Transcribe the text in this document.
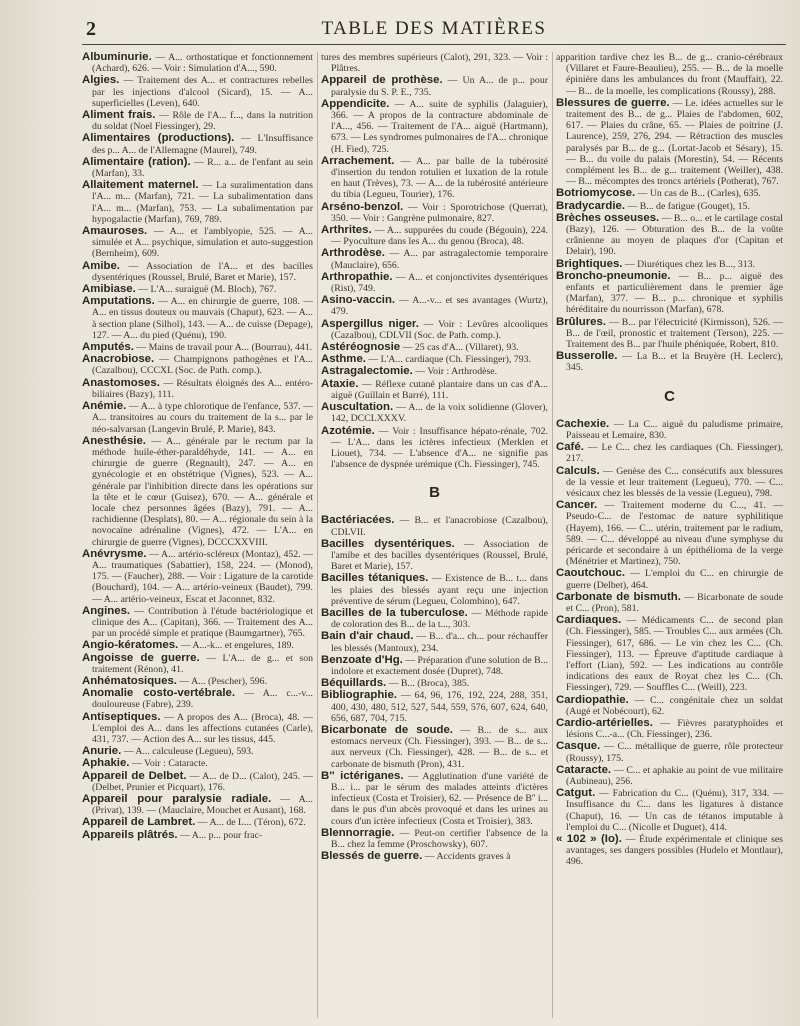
2	TABLE DES MATIÈRES

Albuminurie. — A... orthostatique et fonctionnement (Achard), 626. — Voir : Simulation d'A..., 590.

Algies. — Traitement des A... et contractures rebelles par les injections d'alcool (Sicard), 15. — A... superficielles (Leven), 640.

Aliment frais. — Rôle de l'A... f..., dans la nutrition du soldat (Noel Fiessinger), 29.

Alimentaires (productions). — L'Insuffisance des p... A... de l'Allemagne (Maurel), 749.

Alimentaire (ration). — R... a... de l'enfant au sein (Marfan), 33.

Allaitement maternel. — La suralimentation dans l'A... m... (Marfan), 721. — La subalimentation dans l'A... m... (Marfan), 753. — La subalimentation par hypogalactie (Marfan), 769, 789.

Amauroses. — A... et l'amblyopie, 525. — A... simulée et A... psychique, simulation et auto-suggestion (Bernheim), 609.

Amibe. — Association de l'A... et des bacilles dysentériques (Roussel, Brulé, Baret et Marie), 157.

Amibiase. — L'A... suraiguë (M. Bloch), 767.

Amputations. — A... en chirurgie de guerre, 108. — A... en tissus douteux ou mauvais (Chaput), 623. — A... à section plane (Silhol), 143. — A... de cuisse (Depage), 127. — A... du pied (Quénu), 190.

Amputés. — Mains de travail pour A... (Bourrau), 441.

Anacrobiose. — Champignons pathogènes et l'A... (Cazalbou), CCCXL (Soc. de Path. comp.).

Anastomoses. — Résultats éloignés des A... entéro-biliaires (Bazy), 111.

Anémie. — A... à type chlorotique de l'enfance, 537. — A... transitoires au cours du traitement de la s... par le néo-salvarsan (Langevin Brulé, P. Marie), 843.

Anesthésie. — A... générale par le rectum par la méthode huile-éther-paraldéhyde, 141. — A... en chirurgie de guerre (Regnault), 247. — A... en gynécologie et en obstétrique (Vignes), 523. — A... générale par l'inhibition directe dans les opérations sur la tête et le cœur (Guisez), 670. — A... générale et locale chez personnes âgées (Bazy), 791. — A... rachidienne (Desplats), 80. — A... régionale du sein à la novocaïne adrénaline (Vignes), 472. — L'A... en chirurgie de guerre (Vignes), DCCCXXVIII.

Anévrysme. — A... artério-scléreux (Montaz), 452. — A... traumatiques (Sabattier), 158, 224. — (Monod), 175. — (Faucher), 288. — Voir : Ligature de la carotide (Bouchard), 104. — A... artério-veineux (Baudet), 799. — A... artério-veineux, Escat et Jaconnet, 832.

Angines. — Contribution à l'étude bactériologique et clinique des A... (Capitan), 366. — Traitement des A... par un procédé simple et pratique (Baumgartner), 765.

Angio-kératomes. — A...-k... et engelures, 189.

Angoisse de guerre. — L'A... de g... et son traitement (Rénon), 41.

Anhématosiques. — A... (Pescher), 596.

Anomalie costo-vertébrale. — A... c...-v... douloureuse (Fabre), 239.

Antiseptiques. — A propos des A... (Broca), 48. — L'emploi des A... dans les affections cutanées (Carle), 431, 737. — Action des A... sur les tissus, 445.

Anurie. — A... calculeuse (Legueu), 593.

Aphakie. — Voir : Cataracte.

Appareil de Delbet. — A... de D... (Calot), 245. — (Delbet, Prunier et Picquart), 176.

Appareil pour paralysie radiale. — A... (Privat), 139. — (Mauclaire, Mouchet et Ausant), 168.

Appareil de Lambret. — A... de L... (Téron), 672.

Appareils plâtrés. — A... p... pour frac-

tures des membres supérieurs (Calot), 291, 323. — Voir : Plâtres.

Appareil de prothèse. — Un A... de p... pour paralysie du S. P. E., 735.

Appendicite. — A... suite de syphilis (Jalaguier), 366. — A propos de la contracture abdominale de l'A..., 456. — Traitement de l'A... aiguë (Hartmann), 673. — Les syndromes pulmonaires de l'A... chronique (H. Fied), 725.

Arrachement. — A... par balle de la tubérosité d'insertion du tendon rotulien et luxation de la rotule en haut (Trèves), 73. — A... de la tubérosité antérieure du tibia (Legueu, Tourier), 176.

Arséno-benzol. — Voir : Sporotrichose (Querrat), 350. — Voir : Gangrène pulmonaire, 827.

Arthrites. — A... suppurées du coude (Bégouin), 224. — Pyoculture dans les A... du genou (Broca), 48.

Arthrodèse. — A... par astragalectomie temporaire (Mauclaire), 656.

Arthropathie. — A... et conjonctivites dysentériques (Rist), 749.

Asino-vaccin. — A...-v... et ses avantages (Wurtz), 479.

Aspergillus niger. — Voir : Levûres alcooliques (Cazalbou), CDLVII (Soc. de Path. comp.).

Astéréognosie — 25 cas d'A... (Villaret), 93.

Asthme. — L'A... cardiaque (Ch. Fiessinger), 793.

Astragalectomie. — Voir : Arthrodèse.

Ataxie. — Réflexe cutané plantaire dans un cas d'A... aiguë (Guillain et Barré), 111.

Auscultation. — A... de la voix solidienne (Glover), 142, DCCLXXXV.

Azotémie. — Voir : Insuffisance hépato-rénale, 702. — L'A... dans les ictères infectieux (Merklen et Liouet), 734. — L'absence d'A... ne signifie pas l'absence de dyspnée urémique (Ch. Fiessinger), 745.

B

Bactériacées. — B... et l'anacrobiose (Cazalbou), CDLVII.

Bacilles dysentériques. — Association de l'amibe et des bacilles dysentériques (Roussel, Brulé, Baret et Marie), 157.

Bacilles tétaniques. — Existence de B... t... dans les plaies des blessés ayant reçu une injection préventive de sérum (Legueu, Colombino), 647.

Bacilles de la tuberculose. — Méthode rapide de coloration des B... de la t..., 303.

Bain d'air chaud. — B... d'a... ch... pour réchauffer les blessés (Mantoux), 234.

Benzoate d'Hg. — Préparation d'une solution de B... indolore et exactement dosée (Dupret), 748.

Béquillards. — B... (Broca), 385.

Bibliographie. — 64, 96, 176, 192, 224, 288, 351, 400, 430, 480, 512, 527, 544, 559, 576, 607, 624, 640, 656, 687, 704, 715.

Bicarbonate de soude. — B... de s... aux estomacs nerveux (Ch. Fiessinger), 393. — B... de s... aux nerveux (Ch. Fiessinger), 428. — B... de s... et carbonate de bismuth (Pron), 431.

B'' ictériganes. — Agglutination d'une variété de B... i... par le sérum des malades atteints d'ictères infectieux (Costa et Troisier), 62. — Présence de B'' i... dans le pus d'un abcès provoqué et dans les urines au cours d'un ictère infectieux (Costa et Troisier), 383.

Blennorragie. — Peut-on certifier l'absence de la B... chez la femme (Proschowsky), 607.

Blessés de guerre. — Accidents graves à

apparition tardive chez les B... de g... cranio-cérébraux (Villaret et Faure-Beaulieu), 255. — B... de la moelle épinière dans les ambulances du front (Mauffait), 22. — B... de la moelle, les complications (Roussy), 288.

Blessures de guerre. — Le. idées actuelles sur le traitement des B... de g... Plaies de l'abdomen, 602, 617. — Plaies du crâne, 65. — Plaies de poitrine (J. Laurence), 259, 276, 294. — Rétraction des muscles paralysés par B... de g... (Lortat-Jacob et Sésary), 15. — B... du voile du palais (Morestin), 54. — Récents complément les B... de g... traitement (Weiller), 438. — B... mécomptes des troncs artériels (Potherat), 767.

Botriomycose. — Un cas de B... (Carles), 635.

Bradycardie. — B... de fatigue (Gouget), 15.

Brèches osseuses. — B... o... et le cartilage costal (Bazy), 126. — Obturation des B... de la voûte crânienne au moyen de plaques d'or (Capitan et Delair), 190.

Brightiques. — Diurétiques chez les B..., 313.

Broncho-pneumonie. — B... p... aiguë des enfants et particulièrement dans le premier âge (Marfan), 377. — B... p... chronique et syphilis héréditaire du nourrisson (Marfan), 678.

Brûlures. — B... par l'électricité (Kirmisson), 526. — B... de l'œil, pronostic et traitement (Terson), 225. — Traitement des B... par l'huile phéniquée, Robert, 810.

Busserolle. — La B... et la Bruyère (H. Leclerc), 345.

C

Cachexie. — La C... aiguë du paludisme primaire, Paisseau et Lemaire, 830.

Café. — Le C... chez les cardiaques (Ch. Fiessinger), 217.

Calculs. — Genèse des C... consécutifs aux blessures de la vessie et leur traitement (Legueu), 770. — C... vésicaux chez les blessés de la vessie (Legueu), 798.

Cancer. — Traitement moderne du C..., 41. — Pseudo-C... de l'estomac de nature syphilitique (Hayem), 166. — C... utérin, traitement par le radium, 589. — C... développé au niveau d'une symphyse du péricarde et secondaire à un épithélioma de la verge (Ménétrier et Martinez), 750.

Caoutchouc. — L'emploi du C... en chirurgie de guerre (Delbet), 464.

Carbonate de bismuth. — Bicarbonate de soude et C... (Pron), 581.

Cardiaques. — Médicaments C... de second plan (Ch. Fiessinger), 585. — Troubles C... aux armées (Ch. Fiessinger), 617, 686. — Le vin chez les C... (Ch. Fiessinger), 113. — Épreuve d'aptitude cardiaque à l'effort (Lian), 592. — Les indications au contrôle indications des eaux de Royat chez les C... (Ch. Fiessinger), 729. — Souffles C... (Weill), 223.

Cardiopathie. — C... congénitale chez un soldat (Augé et Nobécourt), 62.

Cardio-artérielles. — Fièvres paratyphoïdes et lésions C...-a... (Ch. Fiessinger), 236.

Casque. — C... métallique de guerre, rôle protecteur (Roussy), 175.

Cataracte. — C... et aphakie au point de vue militaire (Aubineau), 256.

Catgut. — Fabrication du C... (Quénu), 317, 334. — Insuffisance du C... dans les ligatures à distance (Chaput), 16. — Un cas de tétanos imputable à l'emploi du C... (Nicolle et Duguet), 414.

« 102 » (Io). — Étude expérimentale et clinique ses avantages, ses dangers possibles (Hudelo et Montlaur), 496.
